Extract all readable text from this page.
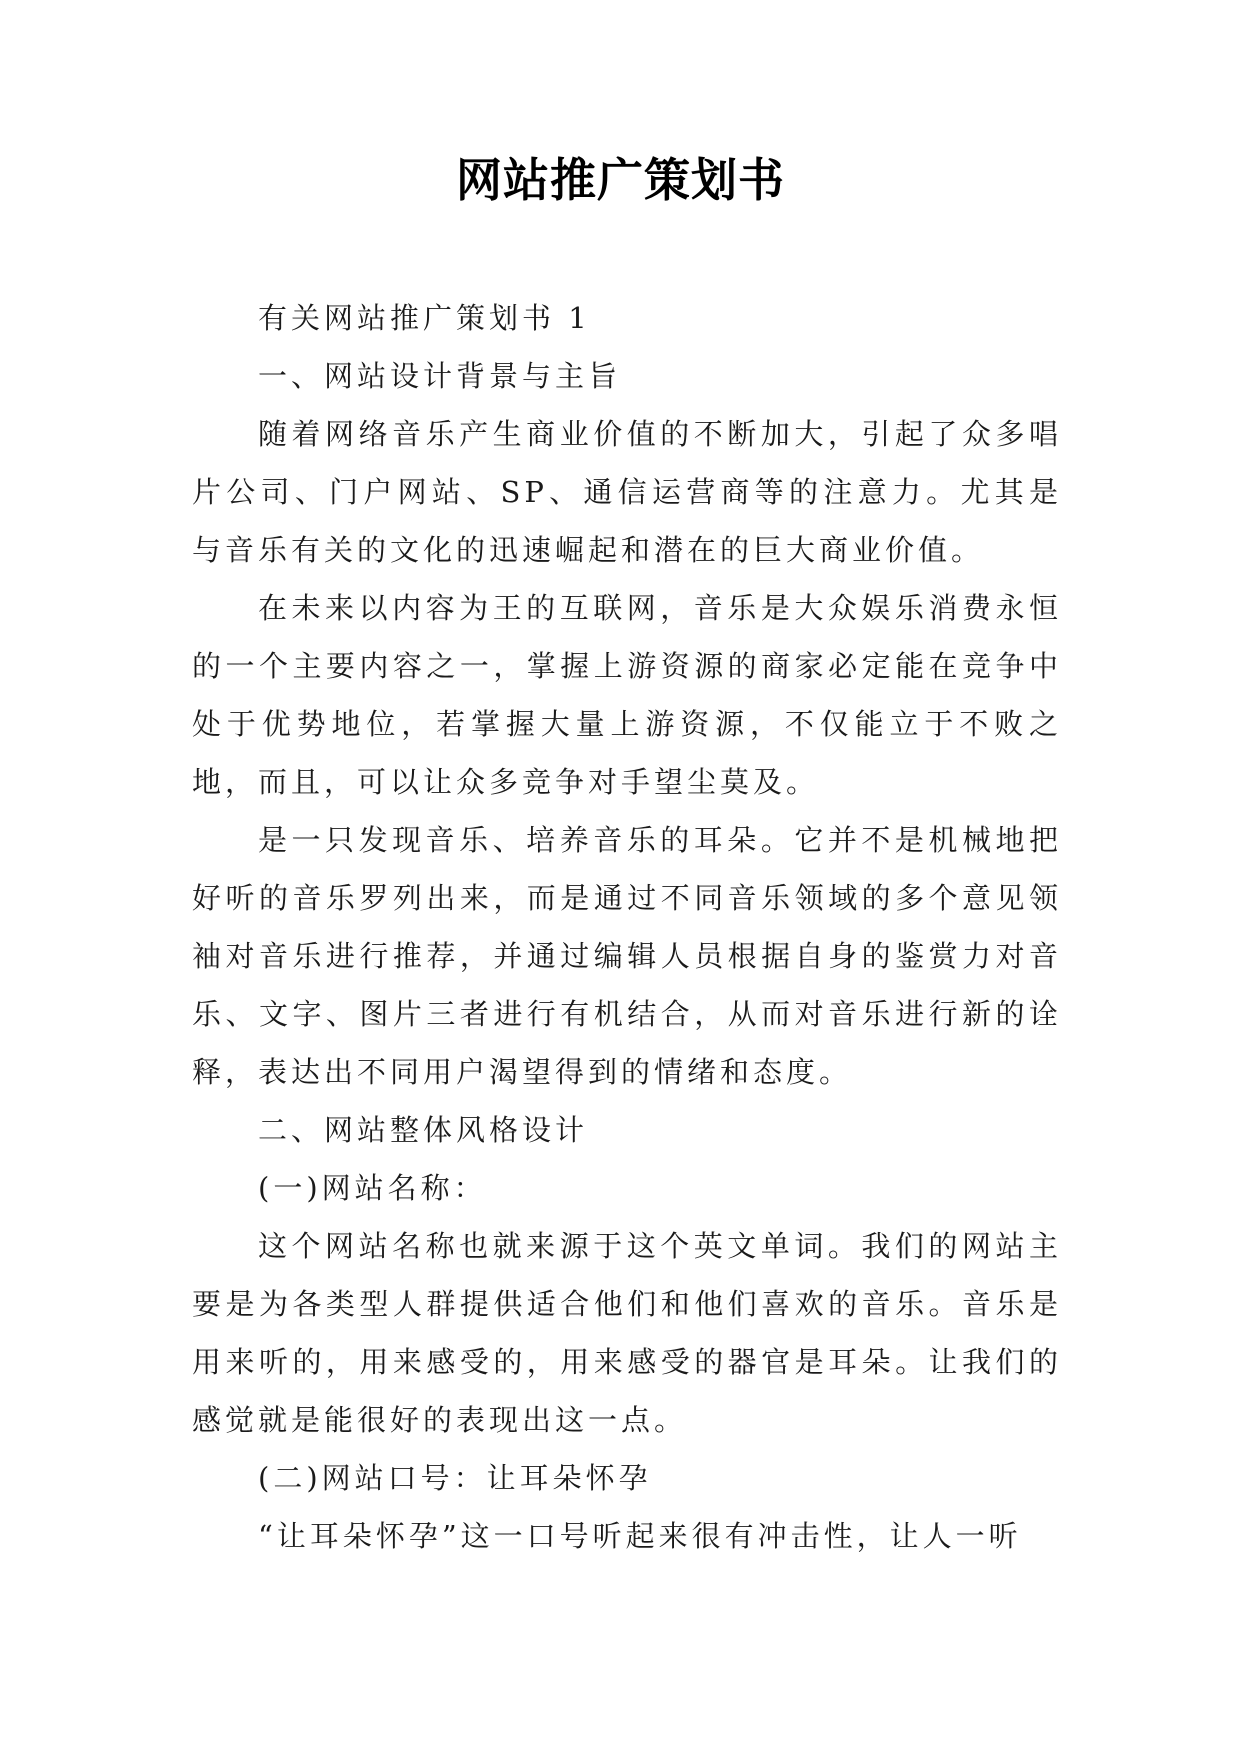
网站推广策划书

有关网站推广策划书 1

一、网站设计背景与主旨

随着网络音乐产生商业价值的不断加大，引起了众多唱片公司、门户网站、SP、通信运营商等的注意力。尤其是与音乐有关的文化的迅速崛起和潜在的巨大商业价值。

在未来以内容为王的互联网，音乐是大众娱乐消费永恒的一个主要内容之一，掌握上游资源的商家必定能在竞争中处于优势地位，若掌握大量上游资源，不仅能立于不败之地，而且，可以让众多竞争对手望尘莫及。

是一只发现音乐、培养音乐的耳朵。它并不是机械地把好听的音乐罗列出来，而是通过不同音乐领域的多个意见领袖对音乐进行推荐，并通过编辑人员根据自身的鉴赏力对音乐、文字、图片三者进行有机结合，从而对音乐进行新的诠释，表达出不同用户渴望得到的情绪和态度。

二、网站整体风格设计

(一)网站名称：

这个网站名称也就来源于这个英文单词。我们的网站主要是为各类型人群提供适合他们和他们喜欢的音乐。音乐是用来听的，用来感受的，用来感受的器官是耳朵。让我们的感觉就是能很好的表现出这一点。

(二)网站口号：让耳朵怀孕

“让耳朵怀孕”这一口号听起来很有冲击性，让人一听
